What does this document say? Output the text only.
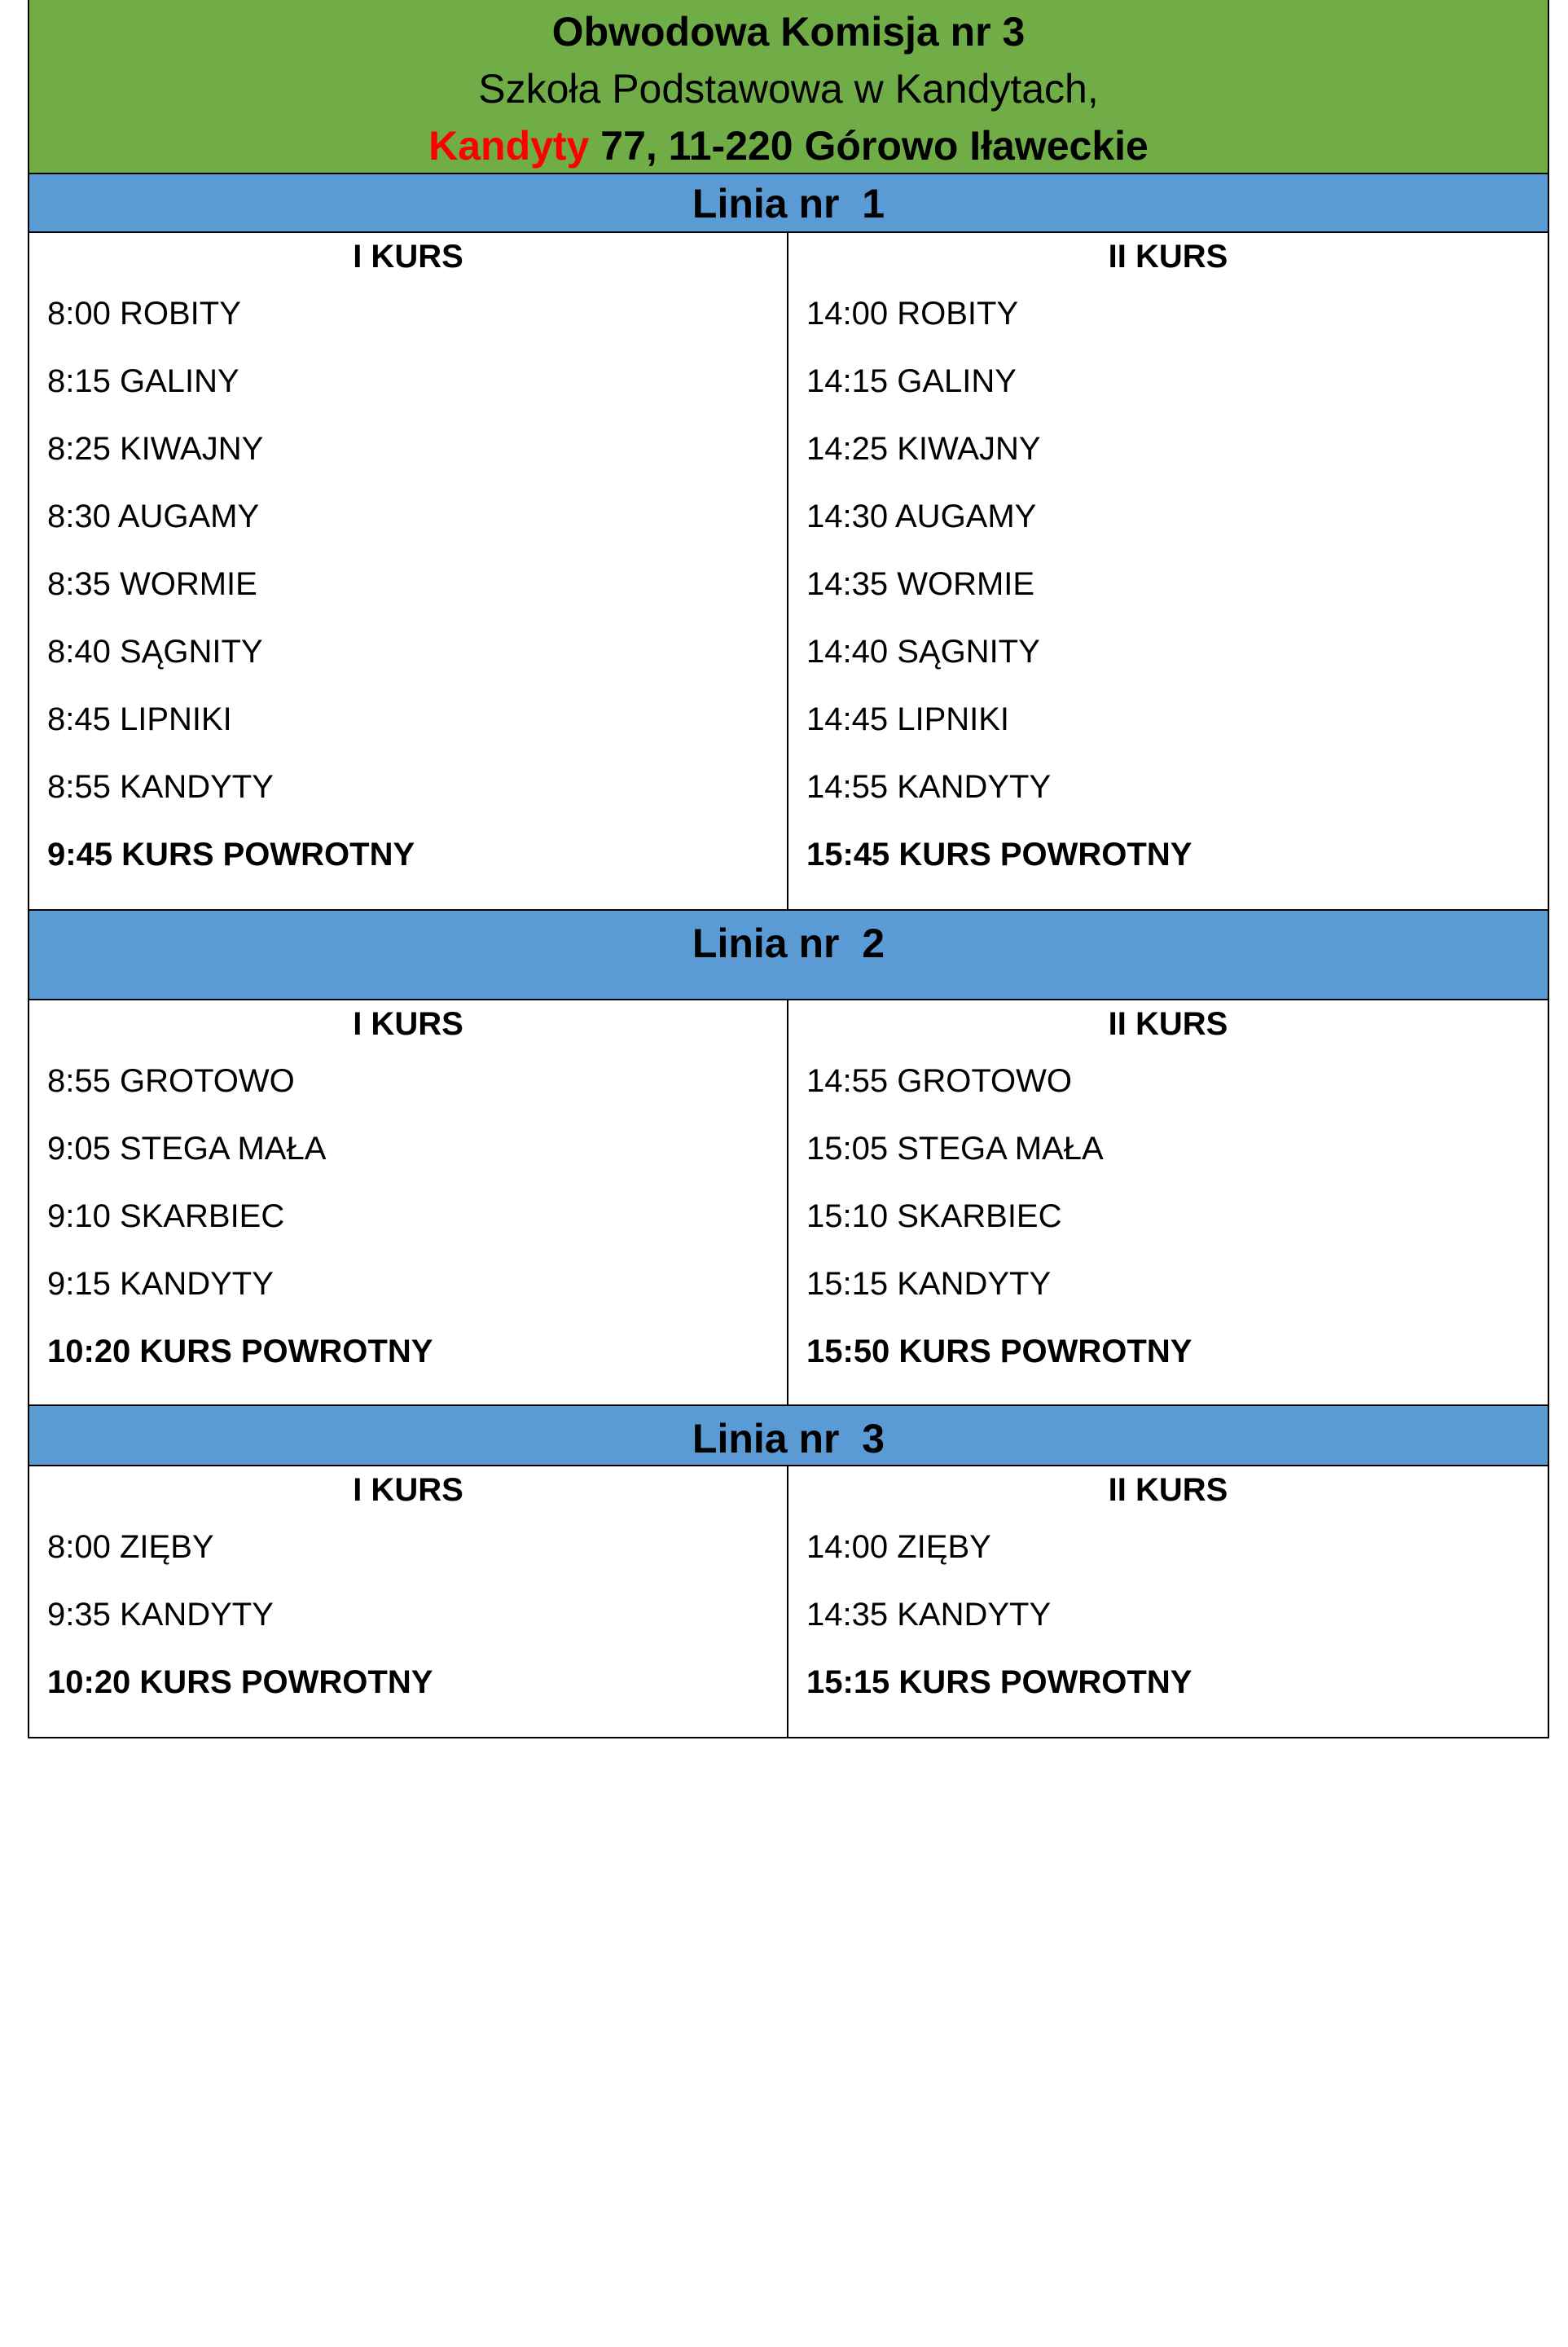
Obwodowa Komisja nr 3
Szkoła Podstawowa w Kandytach,
Kandyty 77, 11-220 Górowo Iławeckie
Linia nr  1
I KURS
8:00 ROBITY
8:15 GALINY
8:25 KIWAJNY
8:30 AUGAMY
8:35 WORMIE
8:40 SĄGNITY
8:45 LIPNIKI
8:55 KANDYTY
9:45 KURS POWROTNY
II KURS
14:00 ROBITY
14:15 GALINY
14:25 KIWAJNY
14:30 AUGAMY
14:35 WORMIE
14:40 SĄGNITY
14:45 LIPNIKI
14:55 KANDYTY
15:45 KURS POWROTNY
Linia nr  2
I KURS
8:55 GROTOWO
9:05 STEGA MAŁA
9:10 SKARBIEC
9:15 KANDYTY
10:20 KURS POWROTNY
II KURS
14:55 GROTOWO
15:05 STEGA MAŁA
15:10 SKARBIEC
15:15 KANDYTY
15:50 KURS POWROTNY
Linia nr  3
I KURS
8:00 ZIĘBY
9:35 KANDYTY
10:20 KURS POWROTNY
II KURS
14:00 ZIĘBY
14:35 KANDYTY
15:15 KURS POWROTNY
